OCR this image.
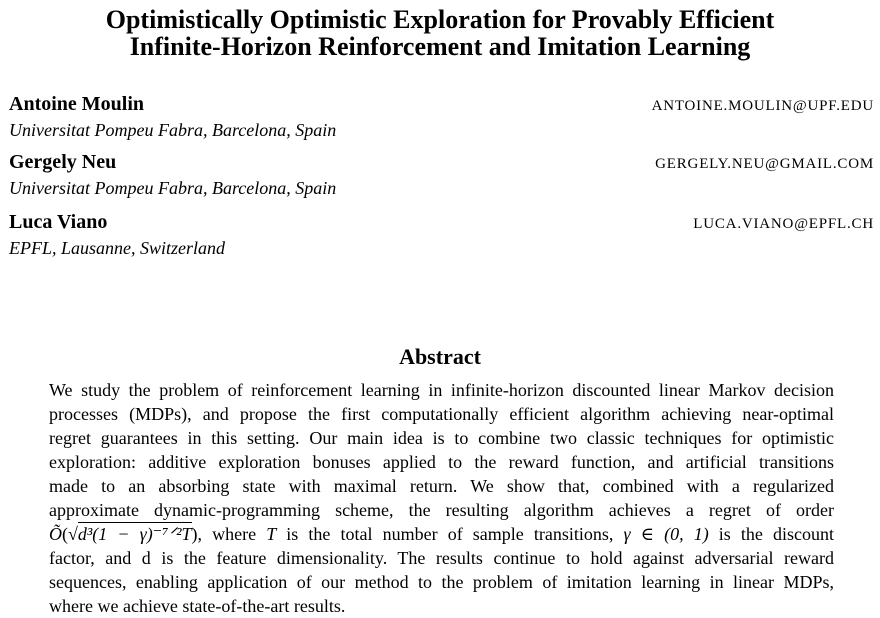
Optimistically Optimistic Exploration for Provably Efficient
Infinite-Horizon Reinforcement and Imitation Learning
Antoine Moulin	ANTOINE.MOULIN@UPF.EDU
Universitat Pompeu Fabra, Barcelona, Spain
Gergely Neu	GERGELY.NEU@GMAIL.COM
Universitat Pompeu Fabra, Barcelona, Spain
Luca Viano	LUCA.VIANO@EPFL.CH
EPFL, Lausanne, Switzerland
Abstract
We study the problem of reinforcement learning in infinite-horizon discounted linear Markov decision
processes (MDPs), and propose the first computationally efficient algorithm achieving near-optimal
regret guarantees in this setting. Our main idea is to combine two classic techniques for optimistic
exploration: additive exploration bonuses applied to the reward function, and artificial transitions
made to an absorbing state with maximal return. We show that, combined with a regularized
approximate dynamic-programming scheme, the resulting algorithm achieves a regret of order
Õ(√d³(1 − γ)⁻⁷ᐟ²T), where T is the total number of sample transitions, γ ∈ (0, 1) is the discount
factor, and d is the feature dimensionality. The results continue to hold against adversarial reward
sequences, enabling application of our method to the problem of imitation learning in linear MDPs,
where we achieve state-of-the-art results.
